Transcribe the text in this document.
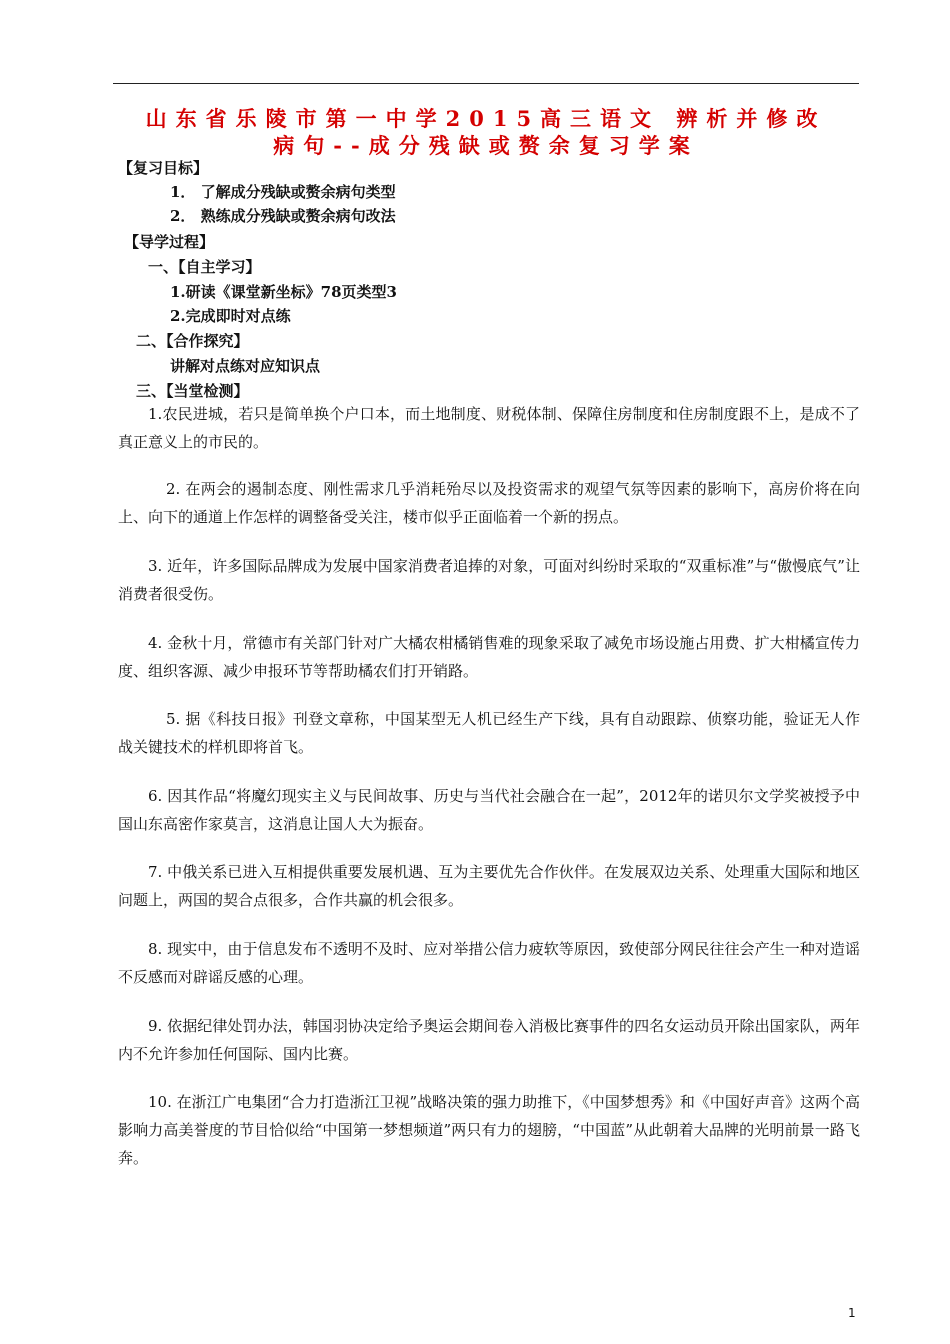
山东省乐陵市第一中学2015高三语文 辨析并修改
病句--成分残缺或赘余复习学案
【复习目标】
1． 了解成分残缺或赘余病句类型
2． 熟练成分残缺或赘余病句改法
【导学过程】
一、【自主学习】
1.研读《课堂新坐标》78页类型3
2.完成即时对点练
二、【合作探究】
讲解对点练对应知识点
三、【当堂检测】
1.农民进城，若只是简单换个户口本，而土地制度、财税体制、保障住房制度和住房制度跟不上，是成不了真正意义上的市民的。
2. 在两会的遏制态度、刚性需求几乎消耗殆尽以及投资需求的观望气氛等因素的影响下，高房价将在向上、向下的通道上作怎样的调整备受关注，楼市似乎正面临着一个新的拐点。
3. 近年，许多国际品牌成为发展中国家消费者追捧的对象，可面对纠纷时采取的“双重标准”与“傲慢底气”让消费者很受伤。
4. 金秋十月，常德市有关部门针对广大橘农柑橘销售难的现象采取了减免市场设施占用费、扩大柑橘宣传力度、组织客源、减少申报环节等帮助橘农们打开销路。
5. 据《科技日报》刊登文章称，中国某型无人机已经生产下线，具有自动跟踪、侦察功能，验证无人作战关键技术的样机即将首飞。
6. 因其作品“将魔幻现实主义与民间故事、历史与当代社会融合在一起”，2012年的诺贝尔文学奖被授予中国山东高密作家莫言，这消息让国人大为振奋。
7. 中俄关系已进入互相提供重要发展机遇、互为主要优先合作伙伴。在发展双边关系、处理重大国际和地区问题上，两国的契合点很多，合作共赢的机会很多。
8. 现实中，由于信息发布不透明不及时、应对举措公信力疲软等原因，致使部分网民往往会产生一种对造谣不反感而对辟谣反感的心理。
9. 依据纪律处罚办法，韩国羽协决定给予奥运会期间卷入消极比赛事件的四名女运动员开除出国家队，两年内不允许参加任何国际、国内比赛。
10. 在浙江广电集团“合力打造浙江卫视”战略决策的强力助推下，《中国梦想秀》和《中国好声音》这两个高影响力高美誉度的节目恰似给“中国第一梦想频道”两只有力的翅膀，“中国蓝”从此朝着大品牌的光明前景一路飞奔。
1
